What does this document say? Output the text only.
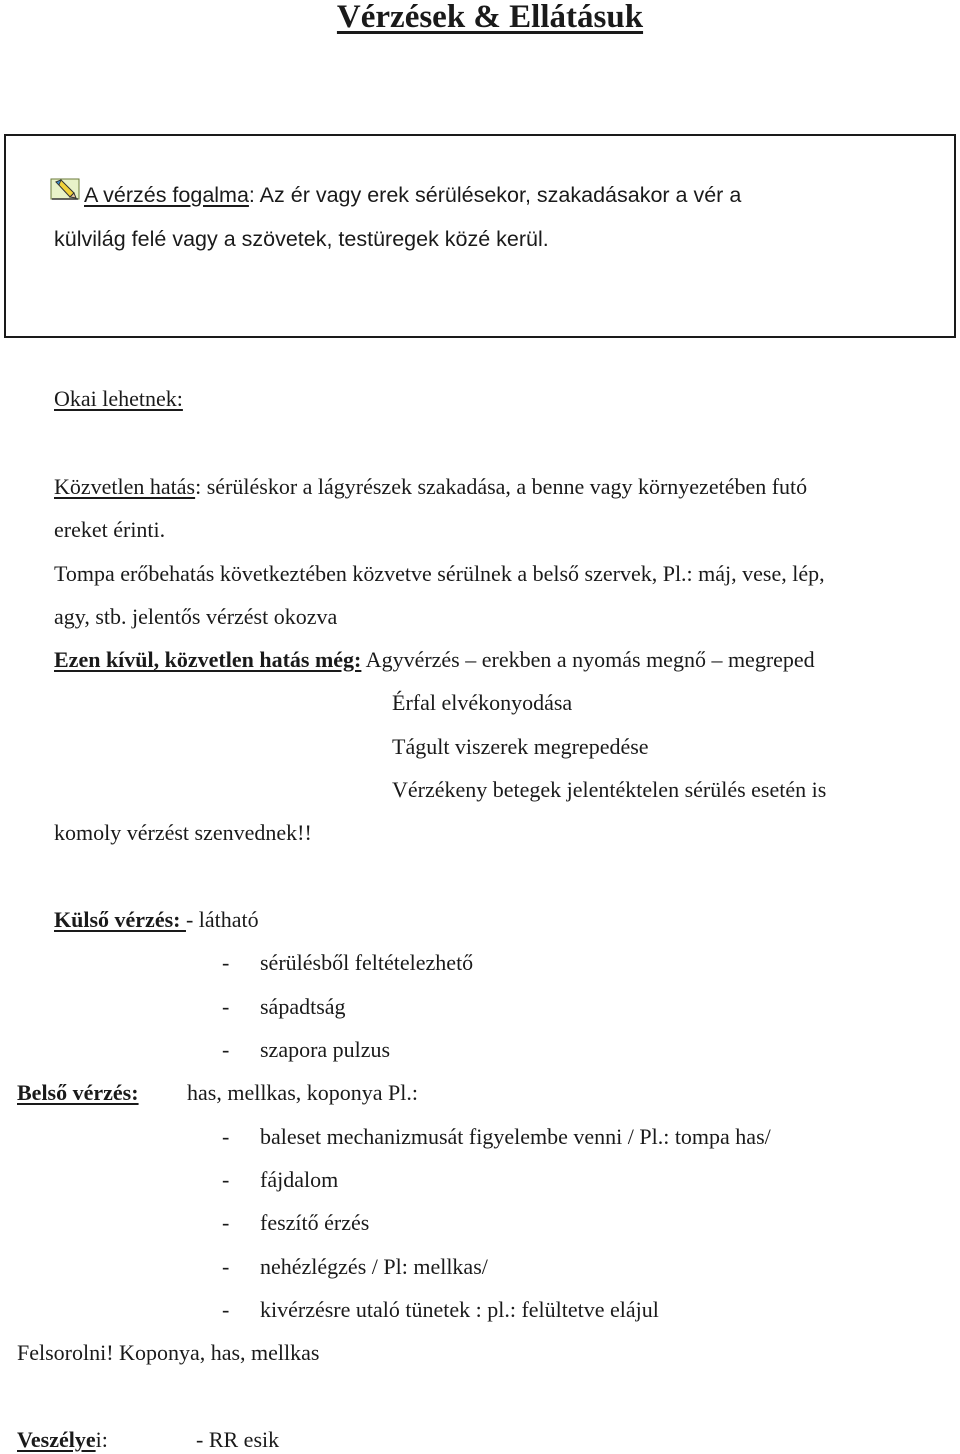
Vérzések & Ellátásuk
A vérzés fogalma: Az ér vagy erek sérülésekor, szakadásakor a vér a
külvilág felé vagy a szövetek, testüregek közé kerül.
Okai lehetnek:
Közvetlen hatás: sérüléskor a lágyrészek szakadása, a benne vagy környezetében futó
ereket érinti.
Tompa erőbehatás következtében közvetve sérülnek a belső szervek, Pl.: máj, vese, lép,
agy, stb. jelentős vérzést okozva
Ezen kívül, közvetlen hatás még: Agyvérzés – erekben a nyomás megnő – megreped
Érfal elvékonyodása
Tágult viszerek megrepedése
Vérzékeny betegek jelentéktelen sérülés esetén is
komoly vérzést szenvednek!!
Külső vérzés: - látható
- sérülésből feltételezhető
- sápadtság
- szapora pulzus
Belső vérzés: has, mellkas, koponya Pl.:
- baleset mechanizmusát figyelembe venni / Pl.: tompa has/
- fájdalom
- feszítő érzés
- nehézlégzés / Pl: mellkas/
- kivérzésre utaló tünetek : pl.: felültetve elájul
Felsorolni! Koponya, has, mellkas
Veszélyei:	- RR esik
